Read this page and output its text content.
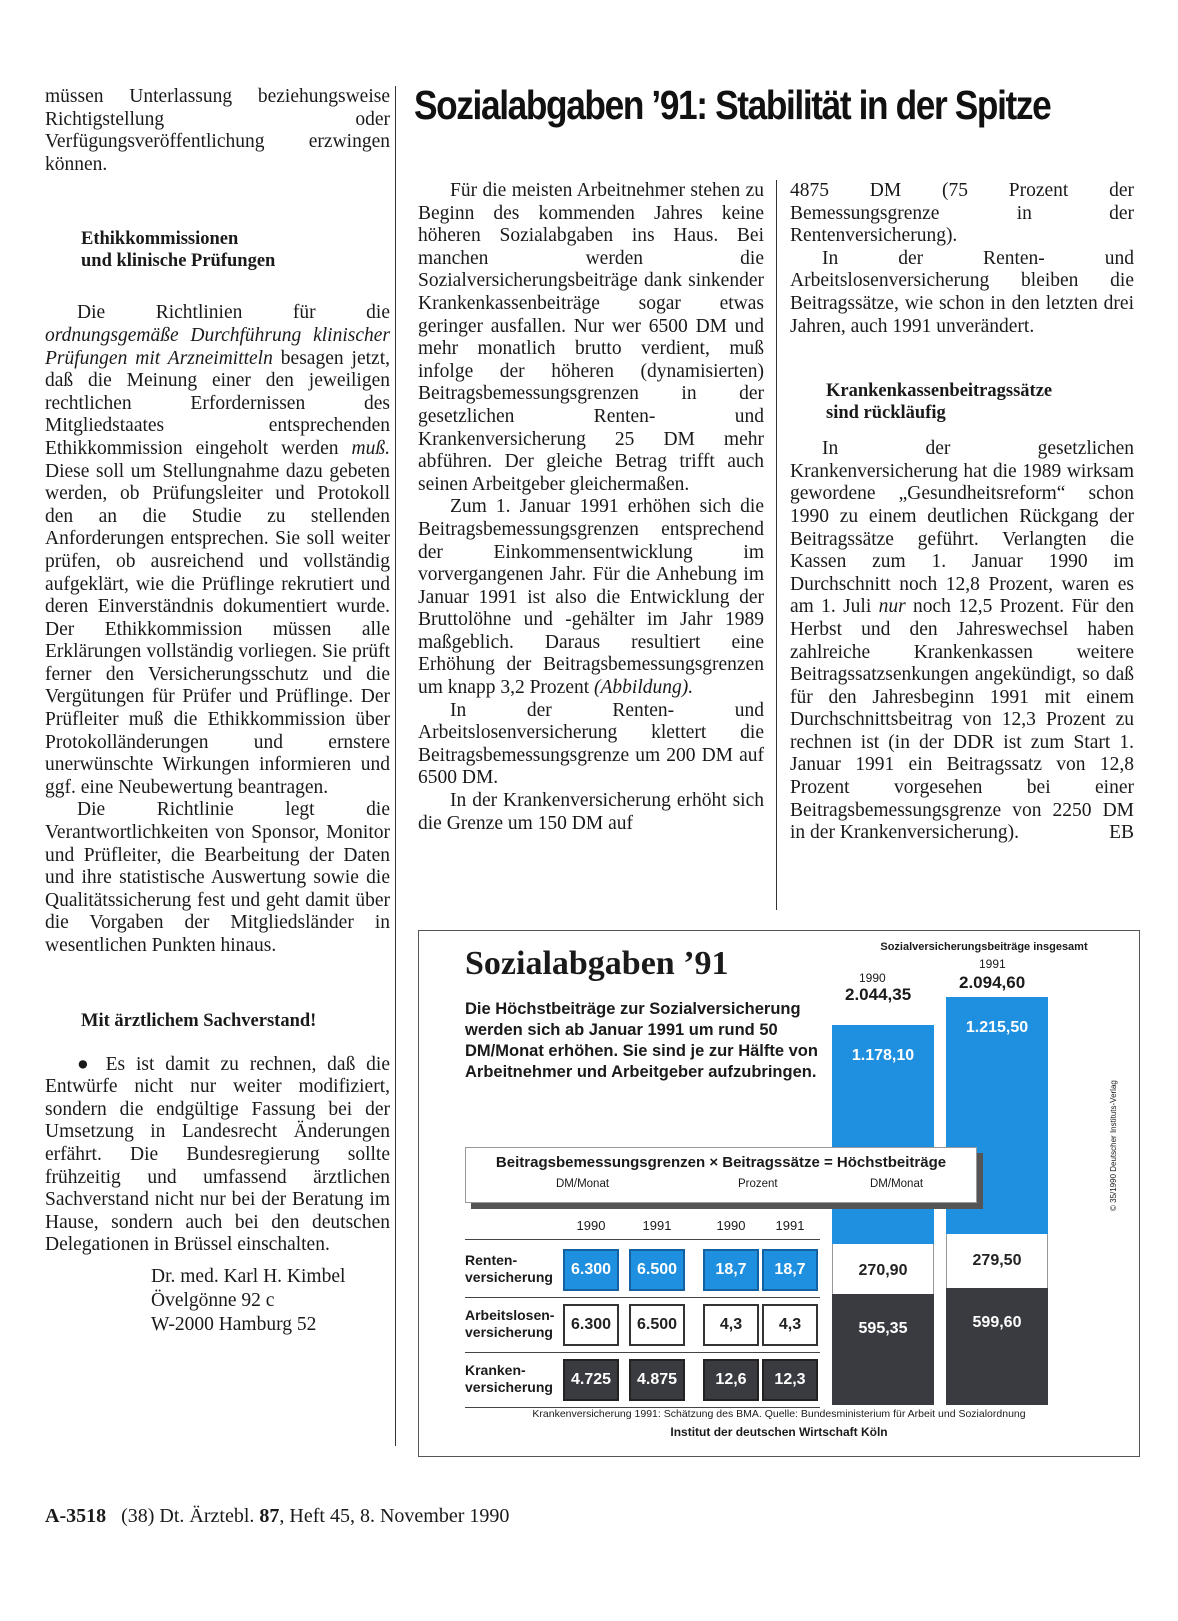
müssen Unterlassung beziehungsweise Richtigstellung oder Verfügungsveröffentlichung erzwingen können.

Ethikkommissionen
und klinische Prüfungen

Die Richtlinien für die ordnungsgemäße Durchführung klinischer Prüfungen mit Arzneimitteln besagen jetzt, daß die Meinung einer den jeweiligen rechtlichen Erfordernissen des Mitgliedstaates entsprechenden Ethikkommission eingeholt werden muß. Diese soll um Stellungnahme dazu gebeten werden, ob Prüfungsleiter und Protokoll den an die Studie zu stellenden Anforderungen entsprechen. Sie soll weiter prüfen, ob ausreichend und vollständig aufgeklärt, wie die Prüflinge rekrutiert und deren Einverständnis dokumentiert wurde. Der Ethikkommission müssen alle Erklärungen vollständig vorliegen. Sie prüft ferner den Versicherungsschutz und die Vergütungen für Prüfer und Prüflinge. Der Prüfleiter muß die Ethikkommission über Protokolländerungen und ernstere unerwünschte Wirkungen informieren und ggf. eine Neubewertung beantragen.

Die Richtlinie legt die Verantwortlichkeiten von Sponsor, Monitor und Prüfleiter, die Bearbeitung der Daten und ihre statistische Auswertung sowie die Qualitätssicherung fest und geht damit über die Vorgaben der Mitgliedsländer in wesentlichen Punkten hinaus.

Mit ärztlichem Sachverstand!

● Es ist damit zu rechnen, daß die Entwürfe nicht nur weiter modifiziert, sondern die endgültige Fassung bei der Umsetzung in Landesrecht Änderungen erfährt. Die Bundesregierung sollte frühzeitig und umfassend ärztlichen Sachverstand nicht nur bei der Beratung im Hause, sondern auch bei den deutschen Delegationen in Brüssel einschalten.

Dr. med. Karl H. Kimbel
Övelgönne 92 c
W-2000 Hamburg 52
Sozialabgaben ’91: Stabilität in der Spitze

Für die meisten Arbeitnehmer stehen zu Beginn des kommenden Jahres keine höheren Sozialabgaben ins Haus. Bei manchen werden die Sozialversicherungsbeiträge dank sinkender Krankenkassenbeiträge sogar etwas geringer ausfallen. Nur wer 6500 DM und mehr monatlich brutto verdient, muß infolge der höheren (dynamisierten) Beitragsbemessungsgrenzen in der gesetzlichen Renten- und Krankenversicherung 25 DM mehr abführen. Der gleiche Betrag trifft auch seinen Arbeitgeber gleichermaßen.

Zum 1. Januar 1991 erhöhen sich die Beitragsbemessungsgrenzen entsprechend der Einkommensentwicklung im vorvergangenen Jahr. Für die Anhebung im Januar 1991 ist also die Entwicklung der Bruttolöhne und -gehälter im Jahr 1989 maßgeblich. Daraus resultiert eine Erhöhung der Beitragsbemessungsgrenzen um knapp 3,2 Prozent (Abbildung).

In der Renten- und Arbeitslosenversicherung klettert die Beitragsbemessungsgrenze um 200 DM auf 6500 DM.

In der Krankenversicherung erhöht sich die Grenze um 150 DM auf

4875 DM (75 Prozent der Bemessungsgrenze in der Rentenversicherung).

In der Renten- und Arbeitslosenversicherung bleiben die Beitragssätze, wie schon in den letzten drei Jahren, auch 1991 unverändert.

Krankenkassenbeitragssätze
sind rückläufig

In der gesetzlichen Krankenversicherung hat die 1989 wirksam gewordene „Gesundheitsreform“ schon 1990 zu einem deutlichen Rückgang der Beitragssätze geführt. Verlangten die Kassen zum 1. Januar 1990 im Durchschnitt noch 12,8 Prozent, waren es am 1. Juli nur noch 12,5 Prozent. Für den Herbst und den Jahreswechsel haben zahlreiche Krankenkassen weitere Beitragssatzsenkungen angekündigt, so daß für den Jahresbeginn 1991 mit einem Durchschnittsbeitrag von 12,3 Prozent zu rechnen ist (in der DDR ist zum Start 1. Januar 1991 ein Beitragssatz von 12,8 Prozent vorgesehen bei einer Beitragsbemessungsgrenze von 2250 DM in der Krankenversicherung).	EB

Sozialabgaben ’91
Die Höchstbeiträge zur Sozialversicherung werden sich ab Januar 1991 um rund 50 DM/Monat erhöhen. Sie sind je zur Hälfte von Arbeitnehmer und Arbeitgeber aufzubringen.
Sozialversicherungsbeiträge insgesamt
1990
1991
2.044,35
2.094,60
1.178,10
270,90
595,35
1.215,50
279,50
599,60
Beitragsbemessungsgrenzen × Beitragssätze = Höchstbeiträge
DM/Monat	Prozent	DM/Monat
1990	1991	1990	1991
Renten-
versicherung	6.300	6.500	18,7	18,7
Arbeitslosen-
versicherung	6.300	6.500	4,3	4,3
Kranken-
versicherung	4.725	4.875	12,6	12,3
© 35/1990 Deutscher Instituts-Verlag
Krankenversicherung 1991: Schätzung des BMA. Quelle: Bundesministerium für Arbeit und Sozialordnung
Institut der deutschen Wirtschaft Köln
A-3518 (38) Dt. Ärztebl. 87, Heft 45, 8. November 1990
